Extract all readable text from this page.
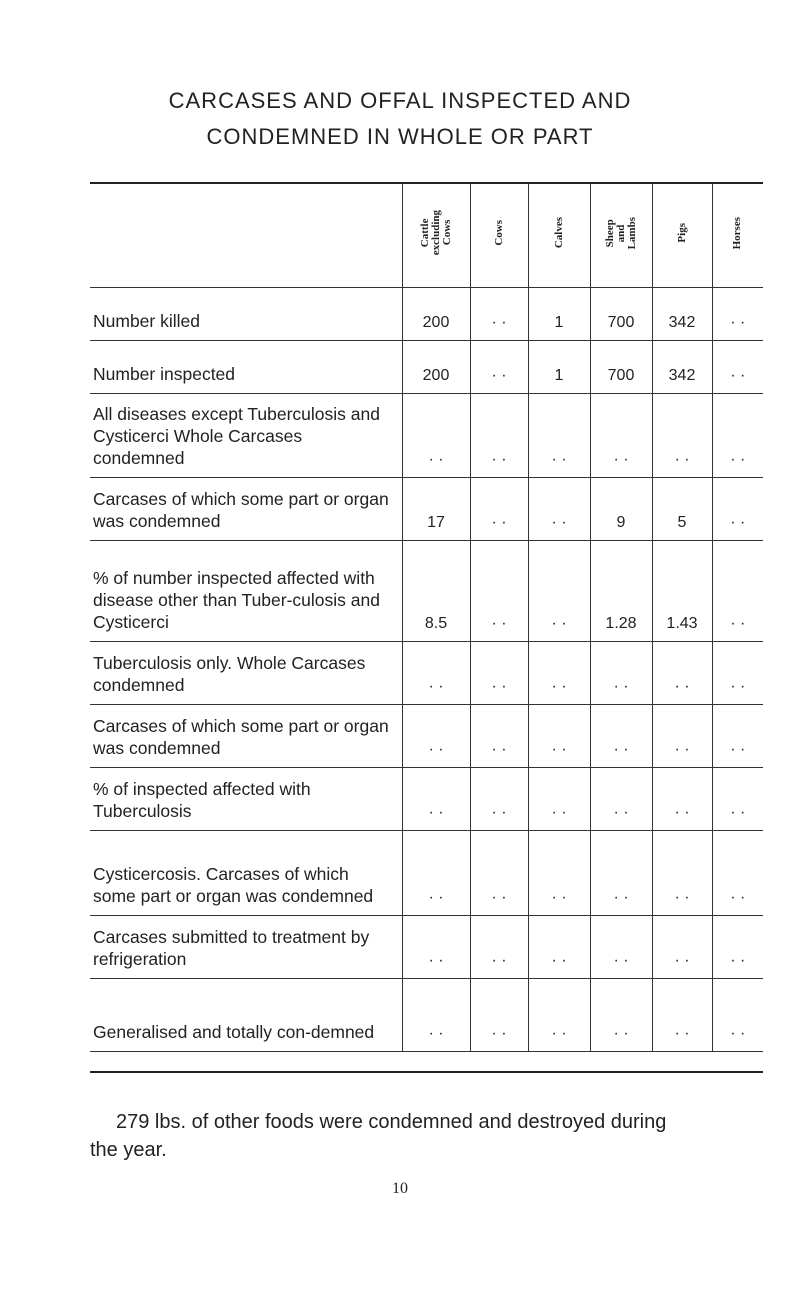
CARCASES AND OFFAL INSPECTED AND
CONDEMNED IN WHOLE OR PART
	Cattle
excluding
Cows	Cows	Calves	Sheep
and
Lambs	Pigs	Horses
Number killed	200	· ·	1	700	342	· ·
Number inspected	200	· ·	1	700	342	· ·
All diseases except Tuberculosis and Cysticerci Whole Carcases condemned	· ·	· ·	· ·	· ·	· ·	· ·
Carcases of which some part or organ was condemned	17	· ·	· ·	9	5	· ·
% of number inspected affected with disease other than Tuber-culosis and Cysticerci	8.5	· ·	· ·	1.28	1.43	· ·
Tuberculosis only. Whole Carcases condemned	· ·	· ·	· ·	· ·	· ·	· ·
Carcases of which some part or organ was condemned	· ·	· ·	· ·	· ·	· ·	· ·
% of inspected affected with Tuberculosis	· ·	· ·	· ·	· ·	· ·	· ·
Cysticercosis. Carcases of which some part or organ was condemned	· ·	· ·	· ·	· ·	· ·	· ·
Carcases submitted to treatment by refrigeration	· ·	· ·	· ·	· ·	· ·	· ·
Generalised and totally con-demned	· ·	· ·	· ·	· ·	· ·	· ·
279 lbs. of other foods were condemned and destroyed during
the year.
10
